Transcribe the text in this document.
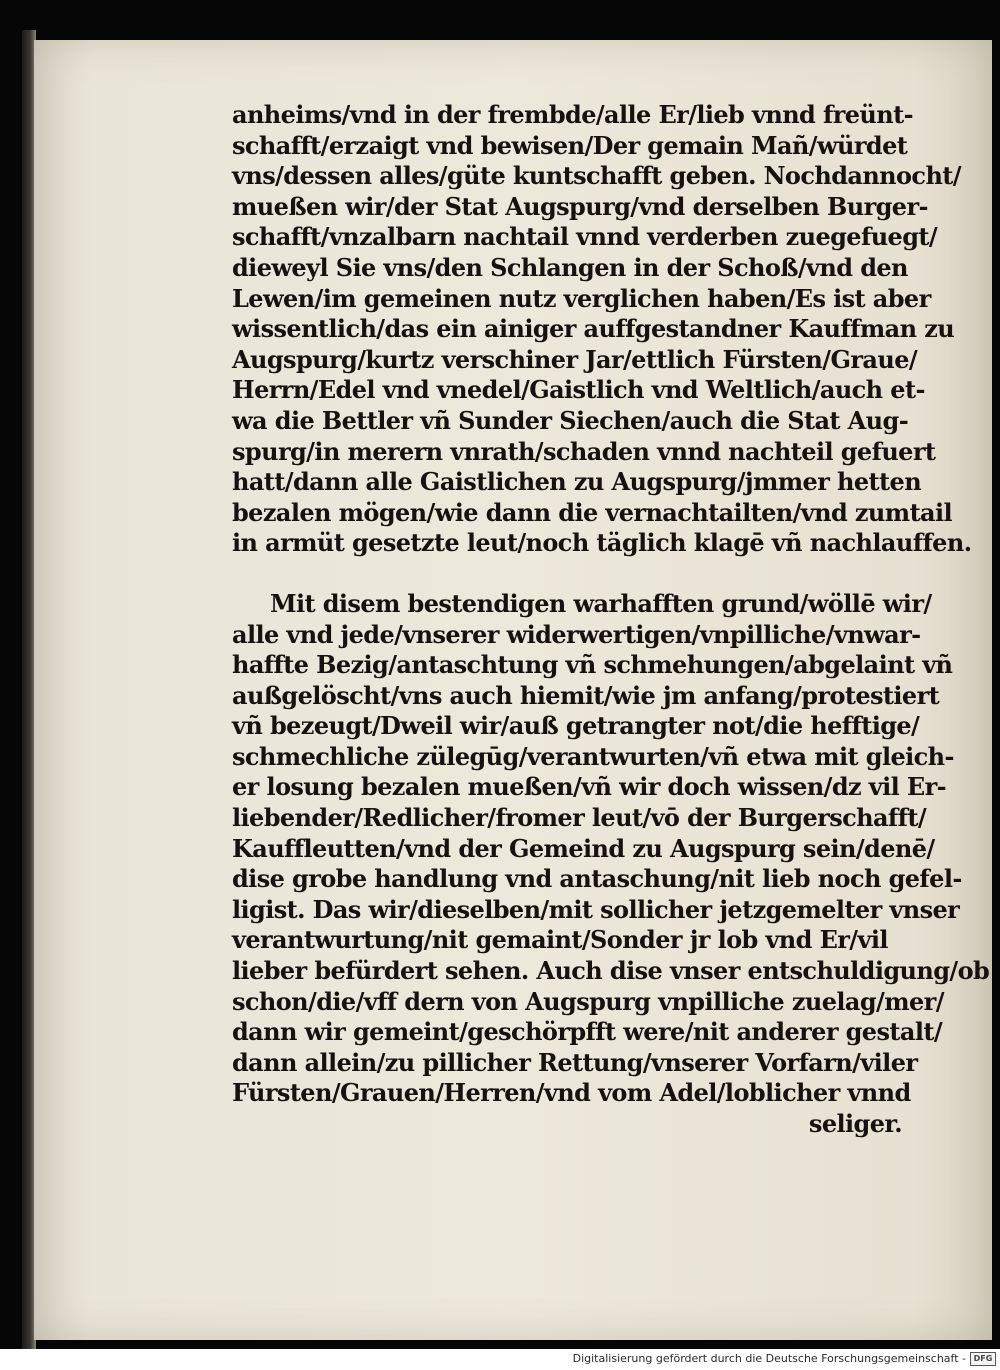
anheims/vnd in der frembde/alle Er/lieb vnnd freünt-
schafft/erzaigt vnd bewisen/Der gemain Mañ/würdet
vns/dessen alles/güte kuntschafft geben. Nochdannocht/
mueßen wir/der Stat Augspurg/vnd derselben Burger-
schafft/vnzalbarn nachtail vnnd verderben zuegefuegt/
dieweyl Sie vns/den Schlangen in der Schoß/vnd den
Lewen/im gemeinen nutz verglichen haben/Es ist aber
wissentlich/das ein ainiger auffgestandner Kauffman zu
Augspurg/kurtz verschiner Jar/ettlich Fürsten/Graue/
Herrn/Edel vnd vnedel/Gaistlich vnd Weltlich/auch et-
wa die Bettler vñ Sunder Siechen/auch die Stat Aug-
spurg/in merern vnrath/schaden vnnd nachteil gefuert
hatt/dann alle Gaistlichen zu Augspurg/jmmer hetten
bezalen mögen/wie dann die vernachtailten/vnd zumtail
in armüt gesetzte leut/noch täglich klagē vñ nachlauffen.
Mit disem bestendigen warhafften grund/wöllē wir/
alle vnd jede/vnserer widerwertigen/vnpilliche/vnwar-
haffte Bezig/antaschtung vñ schmehungen/abgelaint vñ
außgelöscht/vns auch hiemit/wie jm anfang/protestiert
vñ bezeugt/Dweil wir/auß getrangter not/die hefftige/
schmechliche zülegūg/verantwurten/vñ etwa mit gleich-
er losung bezalen mueßen/vñ wir doch wissen/dz vil Er-
liebender/Redlicher/fromer leut/vō der Burgerschafft/
Kauffleutten/vnd der Gemeind zu Augspurg sein/denē/
dise grobe handlung vnd antaschung/nit lieb noch gefel-
ligist. Das wir/dieselben/mit sollicher jetzgemelter vnser
verantwurtung/nit gemaint/Sonder jr lob vnd Er/vil
lieber befürdert sehen. Auch dise vnser entschuldigung/ob
schon/die/vff dern von Augspurg vnpilliche zuelag/mer/
dann wir gemeint/geschörpfft were/nit anderer gestalt/
dann allein/zu pillicher Rettung/vnserer Vorfarn/viler
Fürsten/Grauen/Herren/vnd vom Adel/loblicher vnnd
seliger.
Digitalisierung gefördert durch die Deutsche Forschungsgemeinschaft - DFG
